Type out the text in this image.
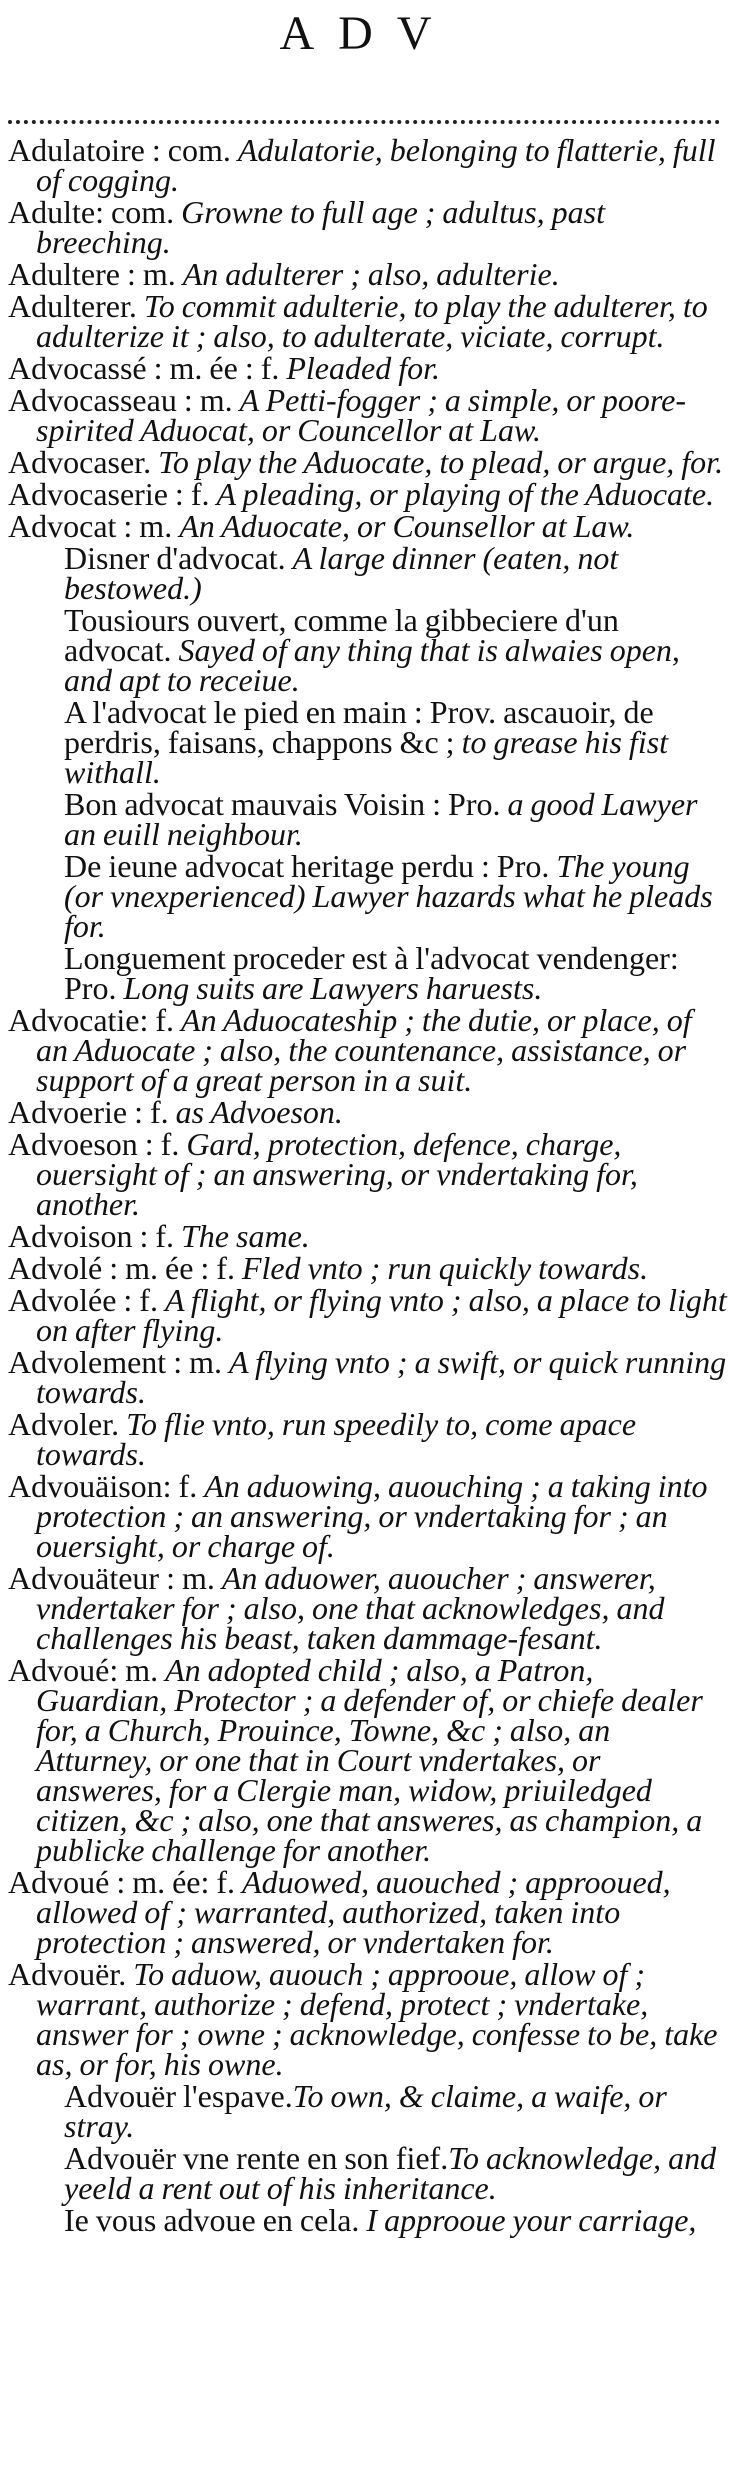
ADV
Adulatoire : com. Adulatorie, belonging to flatterie, full of cogging.
Adulte: com. Growne to full age ; adultus, past breeching.
Adultere : m. An adulterer ; also, adulterie.
Adulterer. To commit adulterie, to play the adulterer, to adulterize it ; also, to adulterate, viciate, corrupt.
Advocassé : m. ée : f. Pleaded for.
Advocasseau : m. A Petti-fogger ; a simple, or poore-spirited Aduocat, or Councellor at Law.
Advocaser. To play the Aduocate, to plead, or argue, for.
Advocaserie : f. A pleading, or playing of the Aduocate.
Advocat : m. An Aduocate, or Counsellor at Law.
Disner d'advocat. A large dinner (eaten, not bestowed.)
Tousiours ouvert, comme la gibbeciere d'un advocat. Sayed of any thing that is alwaies open, and apt to receiue.
A l'advocat le pied en main : Prov. ascauoir, de perdris, faisans, chappons &c ; to grease his fist withall.
Bon advocat mauvais Voisin : Pro. a good Lawyer an euill neighbour.
De ieune advocat heritage perdu : Pro. The young (or vnexperienced) Lawyer hazards what he pleads for.
Longuement proceder est à l'advocat vendenger: Pro. Long suits are Lawyers haruests.
Advocatie: f. An Aduocateship ; the dutie, or place, of an Aduocate ; also, the countenance, assistance, or support of a great person in a suit.
Advoerie : f. as Advoeson.
Advoeson : f. Gard, protection, defence, charge, ouersight of ; an answering, or vndertaking for, another.
Advoison : f. The same.
Advolé : m. ée : f. Fled vnto ; run quickly towards.
Advolée : f. A flight, or flying vnto ; also, a place to light on after flying.
Advolement : m. A flying vnto ; a swift, or quick running towards.
Advoler. To flie vnto, run speedily to, come apace towards.
Advouäison: f. An aduowing, auouching ; a taking into protection ; an answering, or vndertaking for ; an ouersight, or charge of.
Advouäteur : m. An aduower, auoucher ; answerer, vndertaker for ; also, one that acknowledges, and challenges his beast, taken dammage-fesant.
Advoué: m. An adopted child ; also, a Patron, Guardian, Protector ; a defender of, or chiefe dealer for, a Church, Prouince, Towne, &c ; also, an Atturney, or one that in Court vndertakes, or answeres, for a Clergie man, widow, priuiledged citizen, &c ; also, one that answeres, as champion, a publicke challenge for another.
Advoué : m. ée: f. Aduowed, auouched ; approoued, allowed of ; warranted, authorized, taken into protection ; answered, or vndertaken for.
Advouër. To aduow, auouch ; approoue, allow of ; warrant, authorize ; defend, protect ; vndertake, answer for ; owne ; acknowledge, confesse to be, take as, or for, his owne.
Advouër l'espave.To own, & claime, a waife, or stray.
Advouër vne rente en son fief.To acknowledge, and yeeld a rent out of his inheritance.
Ie vous advoue en cela. I approoue your carriage,
